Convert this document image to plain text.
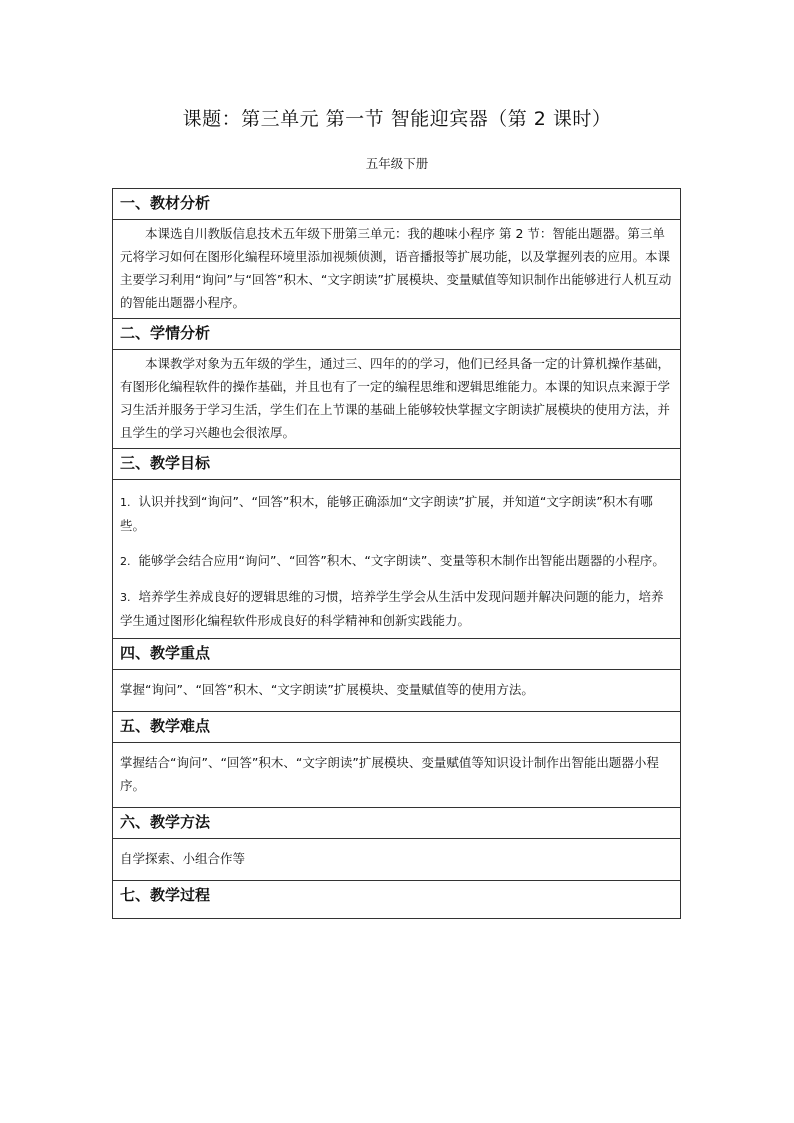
课题：第三单元 第一节 智能迎宾器（第 2 课时）
五年级下册
一、教材分析

本课选自川教版信息技术五年级下册第三单元：我的趣味小程序 第 2 节：智能出题器。第三单元将学习如何在图形化编程环境里添加视频侦测，语音播报等扩展功能，以及掌握列表的应用。本课主要学习利用“询问”与“回答”积木、“文字朗读”扩展模块、变量赋值等知识制作出能够进行人机互动的智能出题器小程序。

二、学情分析

本课教学对象为五年级的学生，通过三、四年的的学习，他们已经具备一定的计算机操作基础，有图形化编程软件的操作基础，并且也有了一定的编程思维和逻辑思维能力。本课的知识点来源于学习生活并服务于学习生活，学生们在上节课的基础上能够较快掌握文字朗读扩展模块的使用方法，并且学生的学习兴趣也会很浓厚。

三、教学目标

1. 认识并找到“询问”、“回答”积木，能够正确添加“文字朗读”扩展，并知道“文字朗读”积木有哪些。

2. 能够学会结合应用“询问”、“回答”积木、“文字朗读”、变量等积木制作出智能出题器的小程序。

3. 培养学生养成良好的逻辑思维的习惯，培养学生学会从生活中发现问题并解决问题的能力，培养学生通过图形化编程软件形成良好的科学精神和创新实践能力。

四、教学重点

掌握“询问”、“回答”积木、“文字朗读”扩展模块、变量赋值等的使用方法。

五、教学难点

掌握结合“询问”、“回答”积木、“文字朗读”扩展模块、变量赋值等知识设计制作出智能出题器小程序。

六、教学方法

自学探索、小组合作等

七、教学过程
